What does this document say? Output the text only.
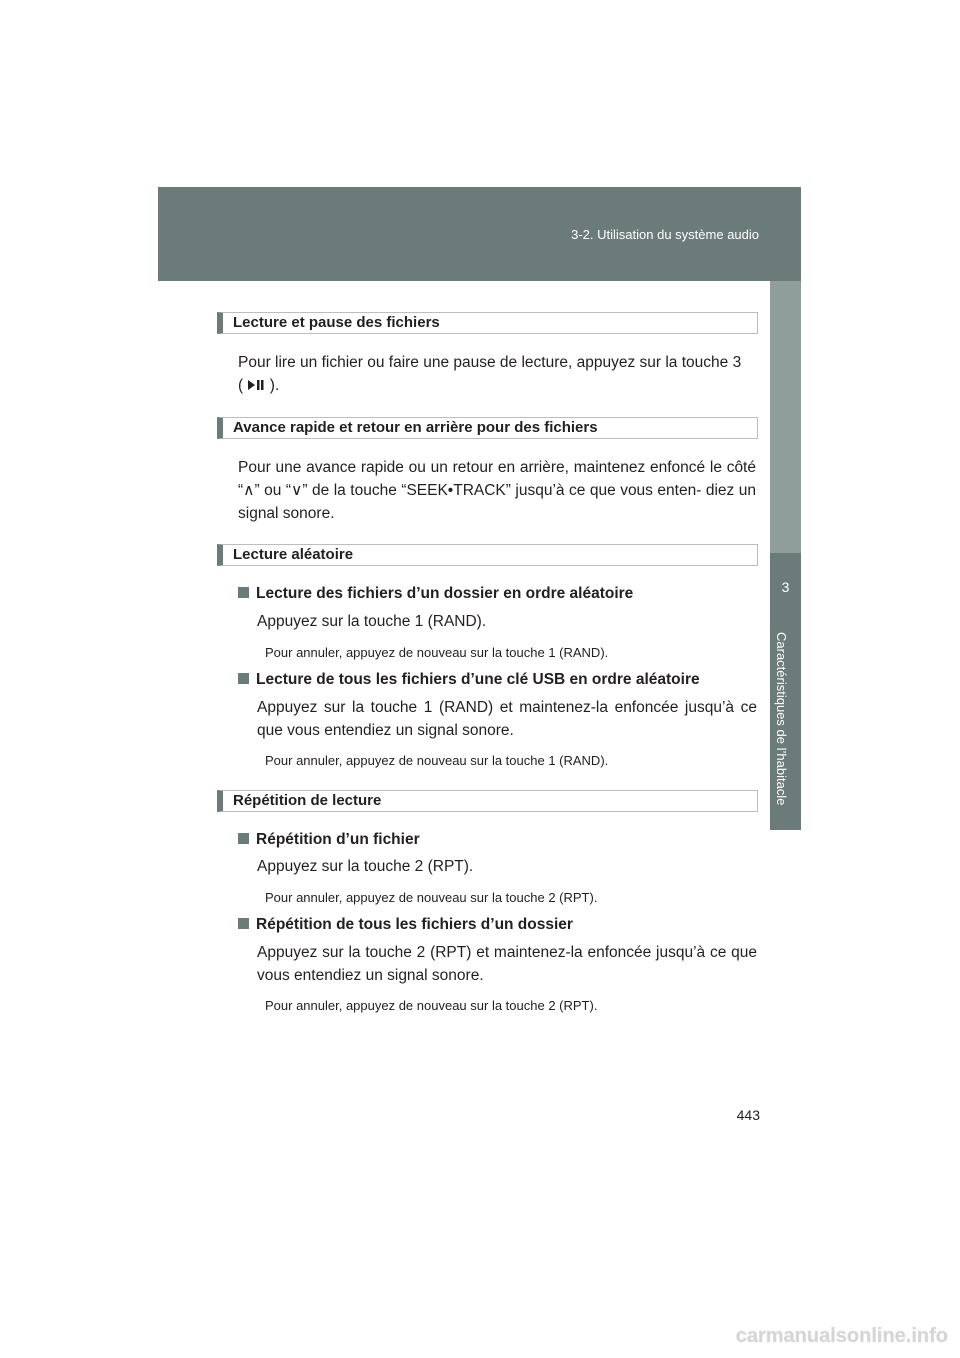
3-2. Utilisation du système audio
3
Caractéristiques de l’habitacle
Lecture et pause des fichiers

Pour lire un fichier ou faire une pause de lecture, appuyez sur la touche 3
( ).

Avance rapide et retour en arrière pour des fichiers

Pour une avance rapide ou un retour en arrière, maintenez enfoncé le côté “∧” ou “∨” de la touche “SEEK•TRACK” jusqu’à ce que vous enten- diez un signal sonore.

Lecture aléatoire
Lecture des fichiers d’un dossier en ordre aléatoire

Appuyez sur la touche 1 (RAND).

Pour annuler, appuyez de nouveau sur la touche 1 (RAND).

Lecture de tous les fichiers d’une clé USB en ordre aléatoire

Appuyez sur la touche 1 (RAND) et maintenez-la enfoncée jusqu’à ce que vous entendiez un signal sonore.

Pour annuler, appuyez de nouveau sur la touche 1 (RAND).

Répétition de lecture
Répétition d’un fichier

Appuyez sur la touche 2 (RPT).

Pour annuler, appuyez de nouveau sur la touche 2 (RPT).

Répétition de tous les fichiers d’un dossier

Appuyez sur la touche 2 (RPT) et maintenez-la enfoncée jusqu’à ce que vous entendiez un signal sonore.

Pour annuler, appuyez de nouveau sur la touche 2 (RPT).

443
carmanualsonline.info
